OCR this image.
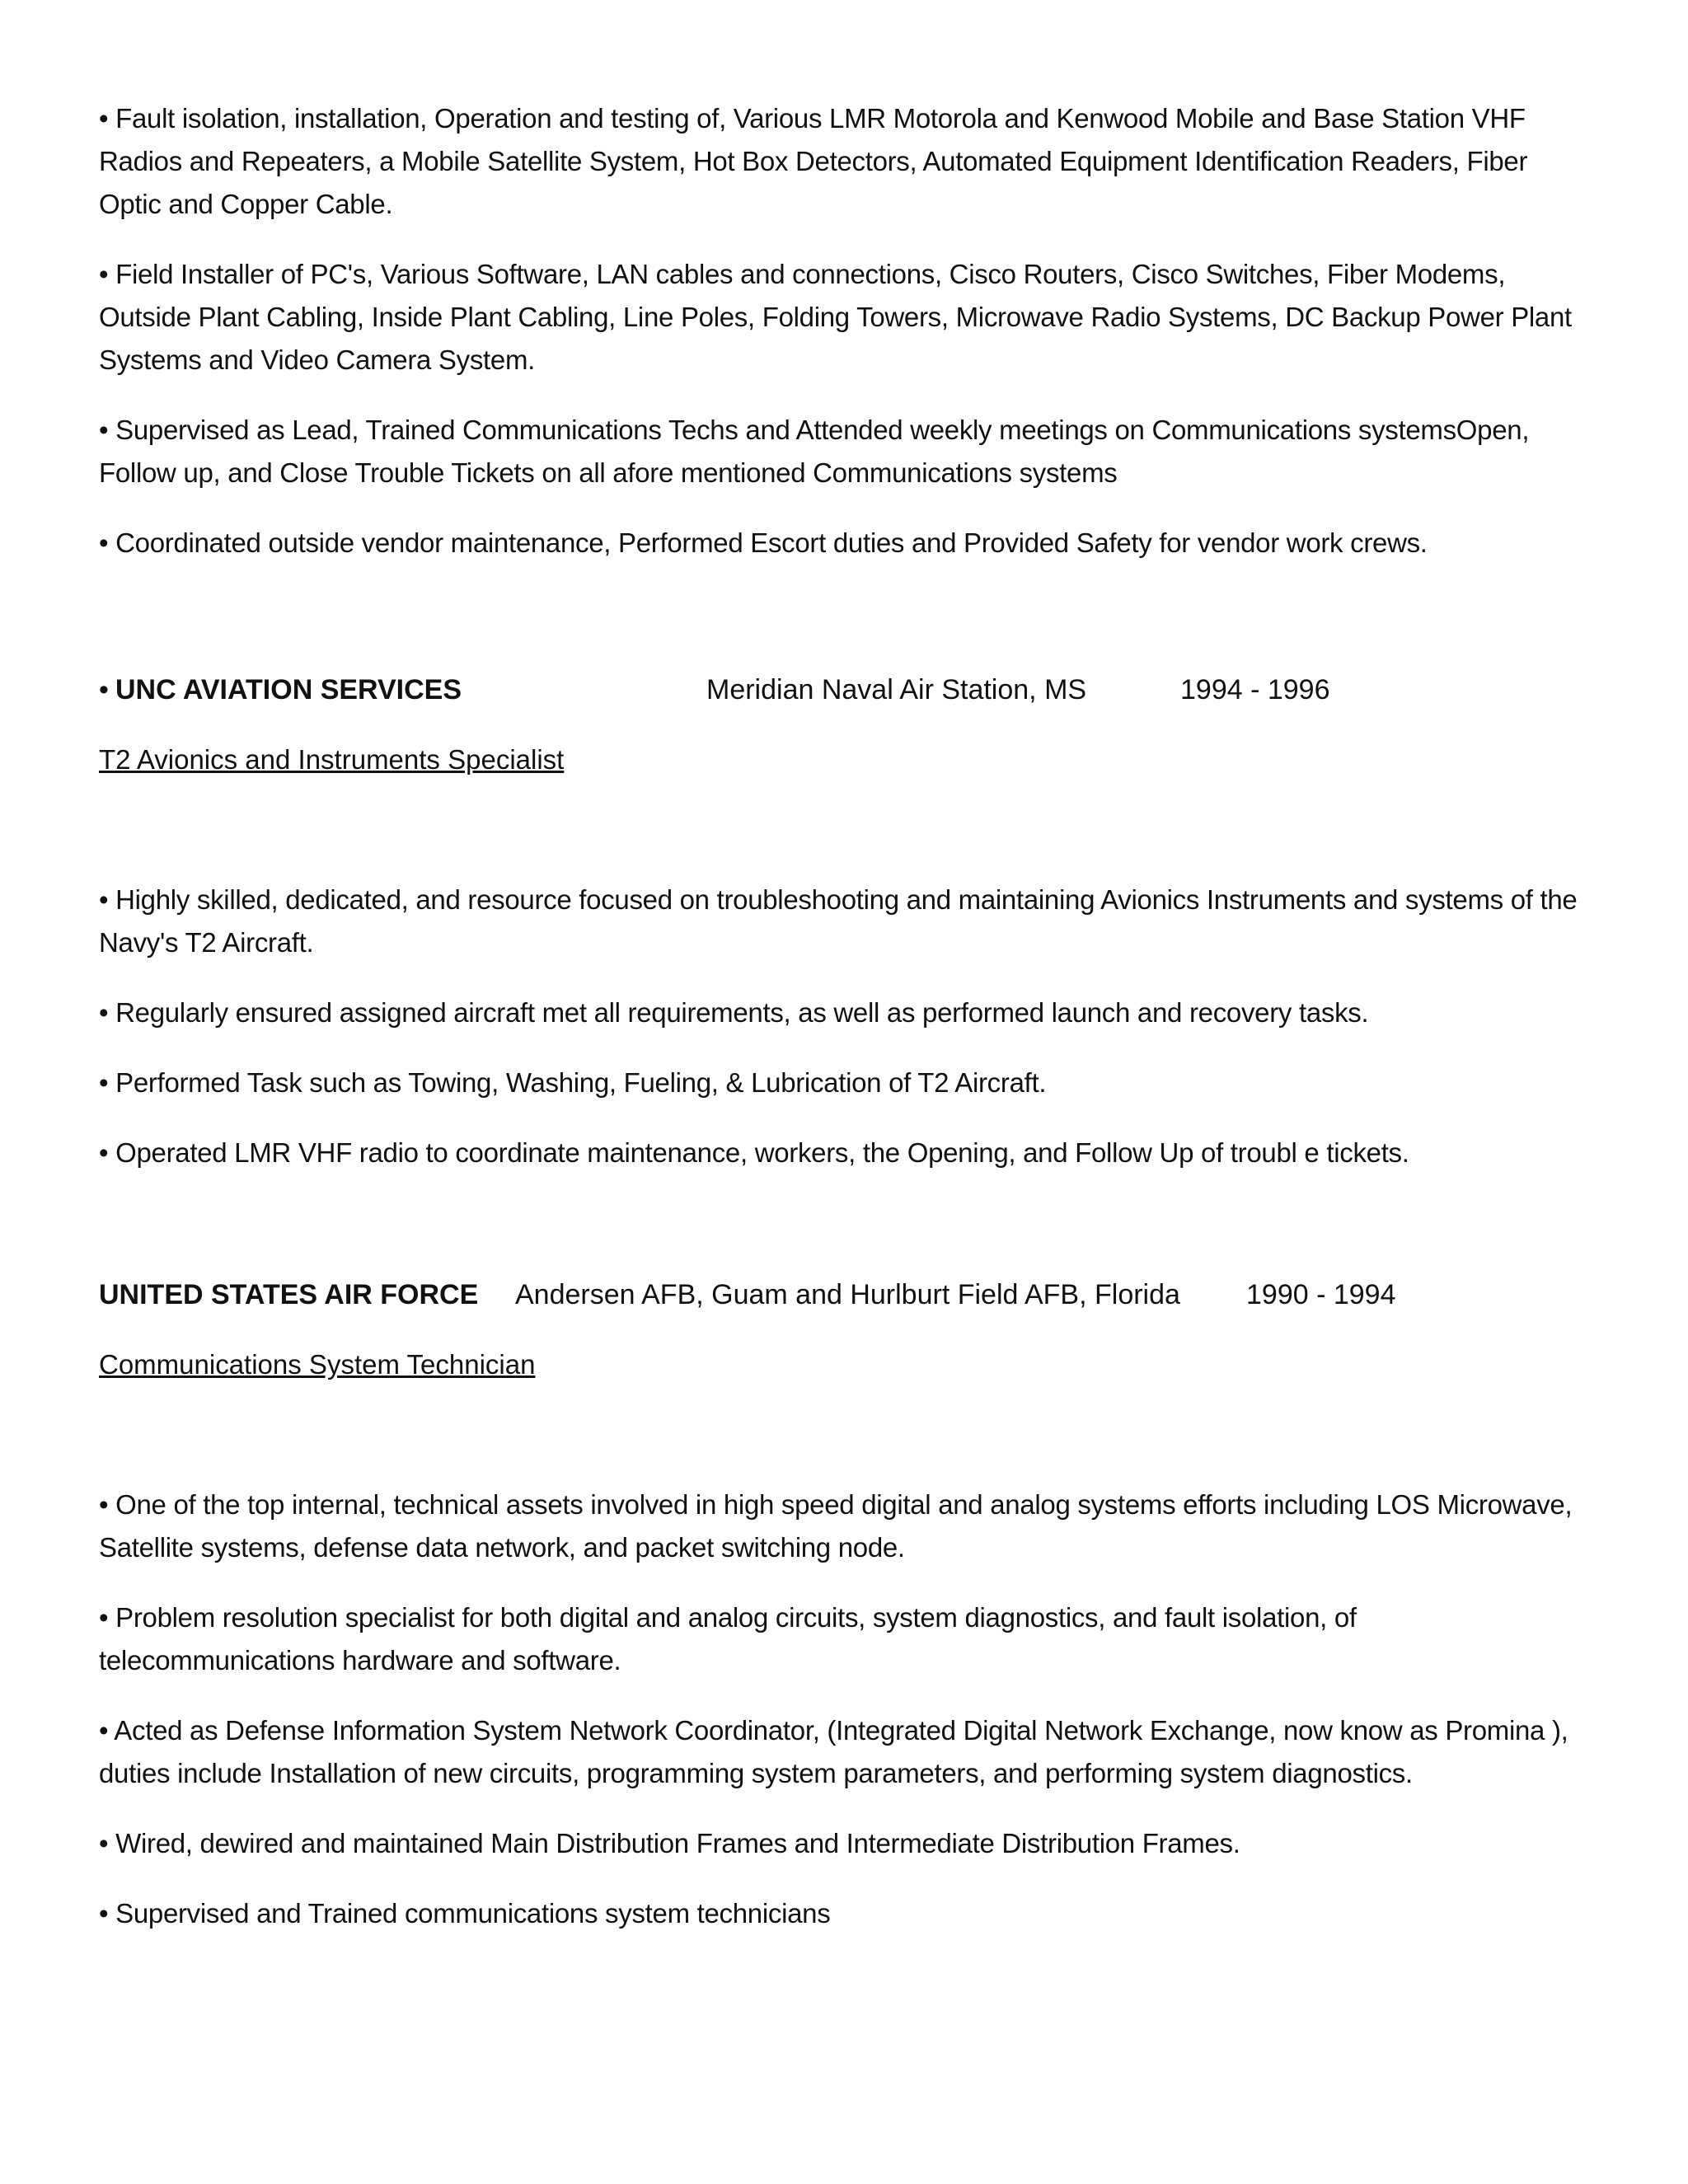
• Fault isolation, installation, Operation and testing of, Various LMR Motorola and Kenwood Mobile and Base Station VHF Radios and Repeaters, a Mobile Satellite System, Hot Box Detectors, Automated Equipment Identification Readers, Fiber Optic and Copper Cable.

• Field Installer of PC's, Various Software, LAN cables and connections, Cisco Routers, Cisco Switches, Fiber Modems, Outside Plant Cabling, Inside Plant Cabling, Line Poles, Folding Towers, Microwave Radio Systems, DC Backup Power Plant Systems and Video Camera System.

• Supervised as Lead, Trained Communications Techs and Attended weekly meetings on Communications systemsOpen, Follow up, and Close Trouble Tickets on all afore mentioned Communications systems

• Coordinated outside vendor maintenance, Performed Escort duties and Provided Safety for vendor work crews.

• UNC AVIATION SERVICES	Meridian Naval Air Station, MS	1994 - 1996
T2 Avionics and Instruments Specialist

• Highly skilled, dedicated, and resource focused on troubleshooting and maintaining Avionics Instruments and systems of the Navy's T2 Aircraft.

• Regularly ensured assigned aircraft met all requirements, as well as performed launch and recovery tasks.

• Performed Task such as Towing, Washing, Fueling, & Lubrication of T2 Aircraft.

• Operated LMR VHF radio to coordinate maintenance, workers, the Opening, and Follow Up of troubl e tickets.

UNITED STATES AIR FORCE Andersen AFB, Guam and Hurlburt Field AFB, Florida 1990 - 1994
Communications System Technician

• One of the top internal, technical assets involved in high speed digital and analog systems efforts including LOS Microwave, Satellite systems, defense data network, and packet switching node.

• Problem resolution specialist for both digital and analog circuits, system diagnostics, and fault isolation, of telecommunications hardware and software.

• Acted as Defense Information System Network Coordinator, (Integrated Digital Network Exchange, now know as Promina ), duties include Installation of new circuits, programming system parameters, and performing system diagnostics.

• Wired, dewired and maintained Main Distribution Frames and Intermediate Distribution Frames.

• Supervised and Trained communications system technicians
